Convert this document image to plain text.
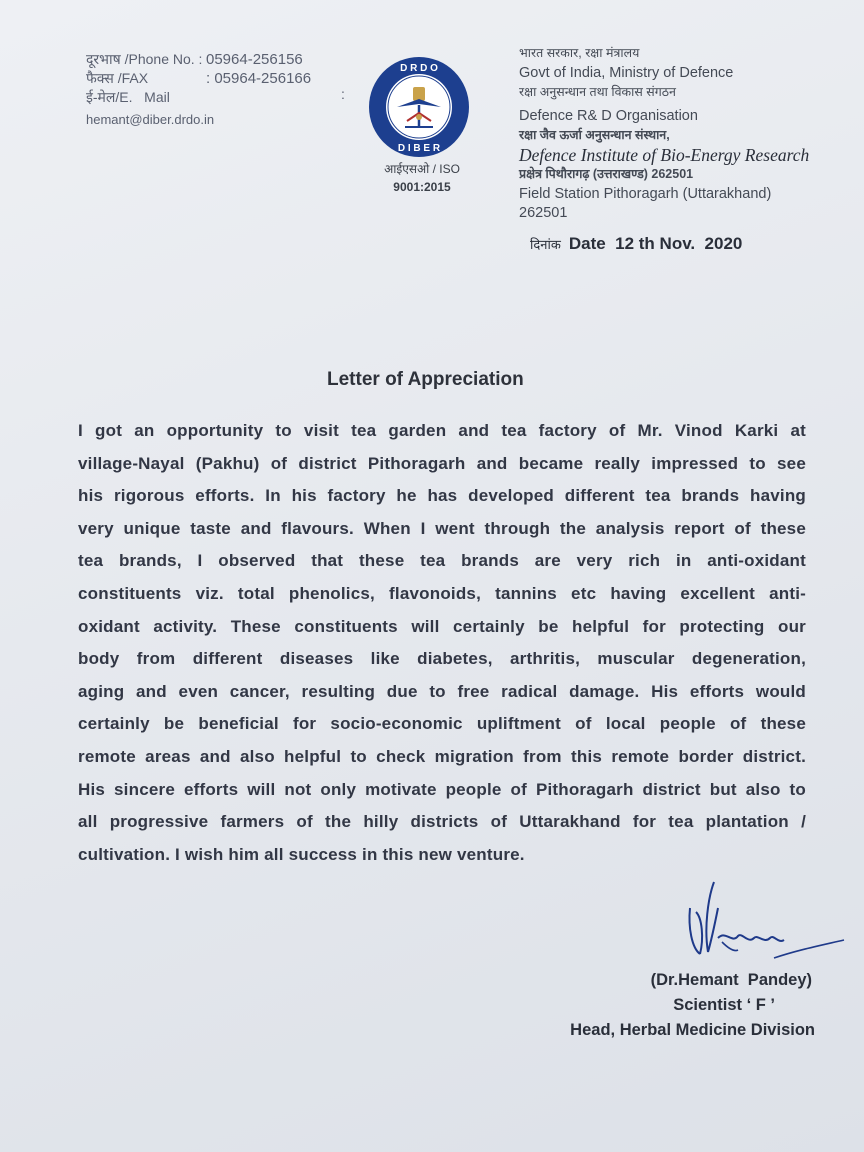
दूरभाष /Phone No. : 05964-256156
फैक्स /FAX	: 05964-256166
ई-मेल/E.   Mail
hemant@diber.drdo.in
:
D R D O
D I B E R
आईएसओ / ISO
9001:2015
भारत सरकार, रक्षा मंत्रालय
Govt of India, Ministry of Defence
रक्षा अनुसन्धान तथा विकास संगठन
Defence R& D Organisation
रक्षा जैव ऊर्जा अनुसन्धान संस्थान,
Defence Institute of Bio-Energy Research
प्रक्षेत्र पिथौरागढ़ (उत्तराखण्ड) 262501
Field Station Pithoragarh (Uttarakhand)
262501
दिनांक Date  12 th Nov.  2020
Letter of Appreciation
I got an opportunity to visit tea garden and tea factory of Mr. Vinod Karki at
village-Nayal (Pakhu) of district Pithoragarh and became really impressed to see
his rigorous efforts. In his factory he has developed different tea brands having
very unique taste and flavours. When I went through the analysis report of these
tea brands, I observed that these tea brands are very rich in anti-oxidant
constituents viz. total phenolics, flavonoids, tannins etc having excellent anti-
oxidant activity. These constituents will certainly be helpful for protecting our
body from different diseases like diabetes, arthritis, muscular degeneration,
aging and even cancer, resulting due to free radical damage. His efforts would
certainly be beneficial for socio-economic upliftment of local people of these
remote areas and also helpful to check migration from this remote border district.
His sincere efforts will not only motivate people of Pithoragarh district but also to
all progressive farmers of the hilly districts of Uttarakhand for tea plantation /
cultivation. I wish him all success in this new venture.
(Dr.Hemant  Pandey)
Scientist ‘ F ’
Head, Herbal Medicine Division
